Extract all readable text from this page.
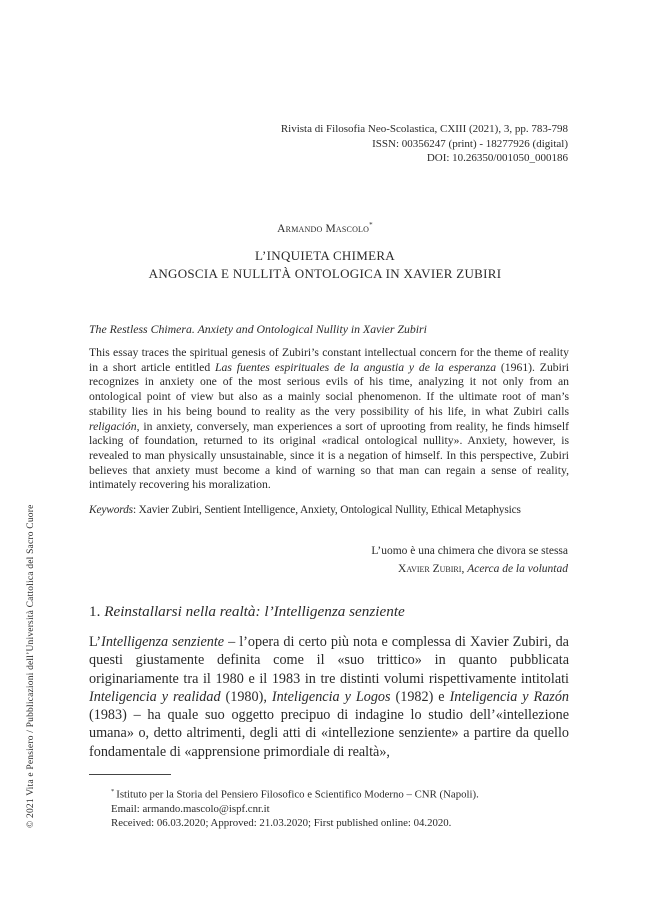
Rivista di Filosofia Neo-Scolastica, CXIII (2021), 3, pp. 783-798
ISSN: 00356247 (print) - 18277926 (digital)
DOI: 10.26350/001050_000186
Armando Mascolo*
L’INQUIETA CHIMERA
ANGOSCIA E NULLITÀ ONTOLOGICA IN XAVIER ZUBIRI
The Restless Chimera. Anxiety and Ontological Nullity in Xavier Zubiri
This essay traces the spiritual genesis of Zubiri’s constant intellectual concern for the theme of reality in a short article entitled Las fuentes espirituales de la angustia y de la esperanza (1961). Zubiri recognizes in anxiety one of the most serious evils of his time, analyzing it not only from an ontological point of view but also as a mainly social phenomenon. If the ultimate root of man’s stability lies in his being bound to reality as the very possibility of his life, in what Zubiri calls religación, in anxiety, conversely, man experiences a sort of uprooting from reality, he finds himself lacking of foundation, returned to its original «radical ontological nullity». Anxiety, however, is revealed to man physically unsustainable, since it is a negation of himself. In this perspective, Zubiri believes that anxiety must become a kind of warning so that man can regain a sense of reality, intimately recovering his moralization.
Keywords: Xavier Zubiri, Sentient Intelligence, Anxiety, Ontological Nullity, Ethical Metaphysics
L’uomo è una chimera che divora se stessa
Xavier Zubiri, Acerca de la voluntad
1. Reinstallarsi nella realtà: l’Intelligenza senziente
L’Intelligenza senziente – l’opera di certo più nota e complessa di Xavier Zubiri, da questi giustamente definita come il «suo trittico» in quanto pubblicata originariamente tra il 1980 e il 1983 in tre distinti volumi rispettivamente intitolati Inteligencia y realidad (1980), Inteligencia y Logos (1982) e Inteligencia y Razón (1983) – ha quale suo oggetto precipuo di indagine lo studio dell’«intellezione umana» o, detto altrimenti, degli atti di «intellezione senziente» a partire da quello fondamentale di «apprensione primordiale di realtà»,
* Istituto per la Storia del Pensiero Filosofico e Scientifico Moderno – CNR (Napoli).
Email: armando.mascolo@ispf.cnr.it
Received: 06.03.2020; Approved: 21.03.2020; First published online: 04.2020.
© 2021 Vita e Pensiero / Pubblicazioni dell’Università Cattolica del Sacro Cuore
